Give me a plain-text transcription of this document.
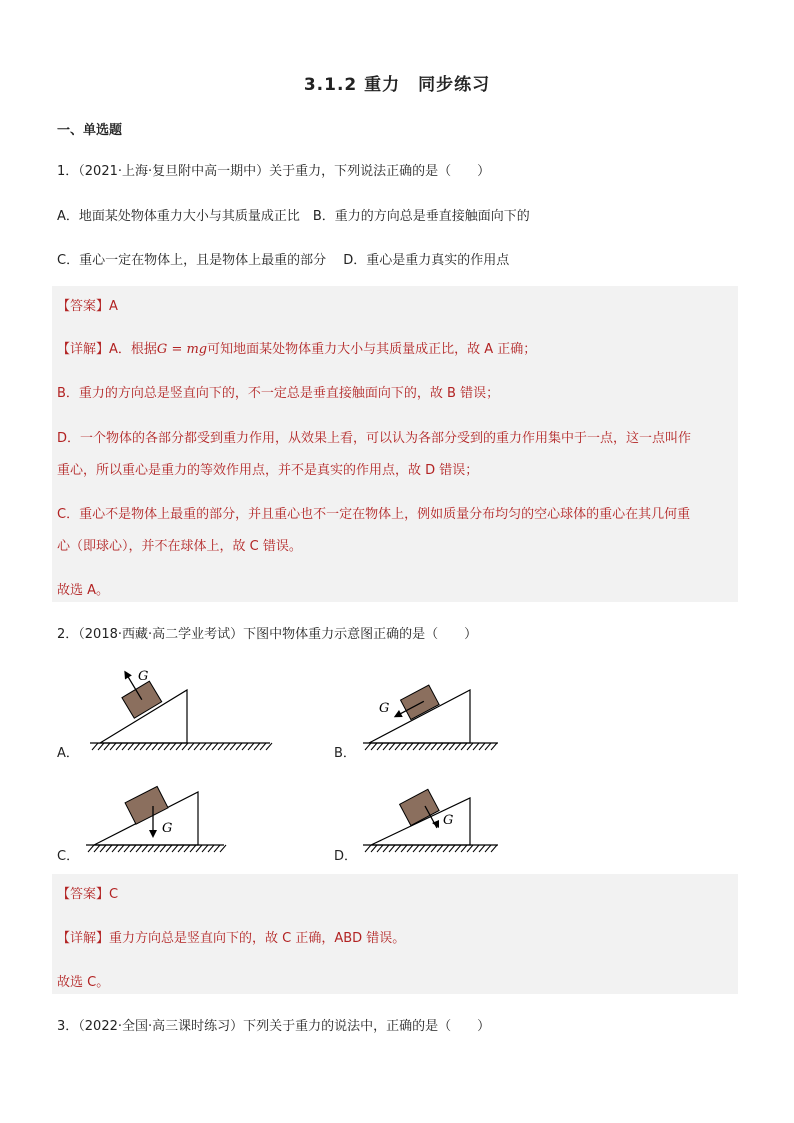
3.1.2 重力　同步练习
一、单选题
1．（2021·上海·复旦附中高一期中）关于重力，下列说法正确的是（　　）
A．地面某处物体重力大小与其质量成正比　B．重力的方向总是垂直接触面向下的
C．重心一定在物体上，且是物体上最重的部分　 D．重心是重力真实的作用点
【答案】A
【详解】A．根据G = mg可知地面某处物体重力大小与其质量成正比，故 A 正确；
B．重力的方向总是竖直向下的，不一定总是垂直接触面向下的，故 B 错误；
D．一个物体的各部分都受到重力作用，从效果上看，可以认为各部分受到的重力作用集中于一点，这一点叫作
重心，所以重心是重力的等效作用点，并不是真实的作用点，故 D 错误；
C．重心不是物体上最重的部分，并且重心也不一定在物体上，例如质量分布均匀的空心球体的重心在其几何重
心（即球心），并不在球体上，故 C 错误。
故选 A。
2．（2018·西藏·高二学业考试）下图中物体重力示意图正确的是（　　）
A．
G
B．
G
C．
G
D．
G
【答案】C
【详解】重力方向总是竖直向下的，故 C 正确，ABD 错误。
故选 C。
3．（2022·全国·高三课时练习）下列关于重力的说法中，正确的是（　　）
